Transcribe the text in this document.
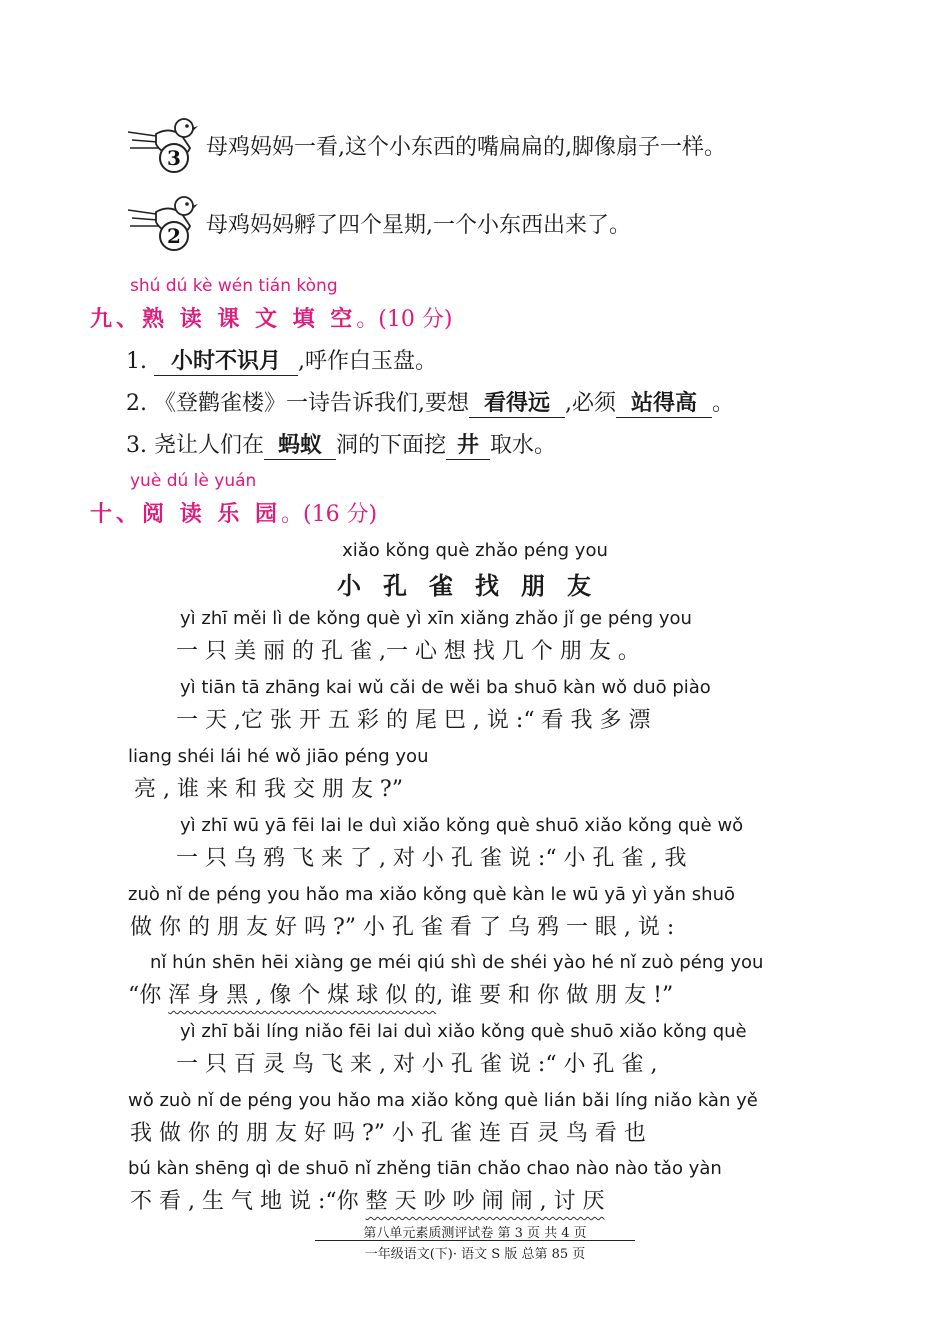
3 母鸡妈妈一看,这个小东西的嘴扁扁的,脚像扇子一样。
2 母鸡妈妈孵了四个星期,一个小东西出来了。
shú dú kè wén tián kòng
九、熟 读 课 文 填 空。(10 分)
1. 小时不识月 ,呼作白玉盘。
2. 《登鹳雀楼》一诗告诉我们,要想 看得远 ,必须 站得高 。
3. 尧让人们在 蚂蚁 洞的下面挖 井 取水。
yuè dú lè yuán
十、阅 读 乐 园。(16 分)
xiǎo kǒng què zhǎo péng you
小孔雀找朋友
yì zhī měi lì de kǒng què yì xīn xiǎng zhǎo jǐ ge péng you
一 只 美 丽 的 孔 雀 ,一 心 想 找 几 个 朋 友 。
yì tiān tā zhāng kai wǔ cǎi de wěi ba shuō kàn wǒ duō piào
一 天 ,它 张 开 五 彩 的 尾 巴 , 说 :“ 看 我 多 漂
liang shéi lái hé wǒ jiāo péng you
亮 , 谁 来 和 我 交 朋 友 ?”
yì zhī wū yā fēi lai le duì xiǎo kǒng què shuō xiǎo kǒng què wǒ
一 只 乌 鸦 飞 来 了 , 对 小 孔 雀 说 :“ 小 孔 雀 , 我
zuò nǐ de péng you hǎo ma xiǎo kǒng què kàn le wū yā yì yǎn shuō
做 你 的 朋 友 好 吗 ?” 小 孔 雀 看 了 乌 鸦 一 眼 , 说 :
nǐ hún shēn hēi xiàng ge méi qiú shì de shéi yào hé nǐ zuò péng you
“你 浑 身 黑 , 像 个 煤 球 似 的, 谁 要 和 你 做 朋 友 !”
yì zhī bǎi líng niǎo fēi lai duì xiǎo kǒng què shuō xiǎo kǒng què
一 只 百 灵 鸟 飞 来 , 对 小 孔 雀 说 :“ 小 孔 雀 ,
wǒ zuò nǐ de péng you hǎo ma xiǎo kǒng què lián bǎi líng niǎo kàn yě
我 做 你 的 朋 友 好 吗 ?” 小 孔 雀 连 百 灵 鸟 看 也
bú kàn shēng qì de shuō nǐ zhěng tiān chǎo chao nào nào tǎo yàn
不 看 , 生 气 地 说 :“你 整 天 吵 吵 闹 闹 , 讨 厌
第八单元素质测评试卷 第 3 页 共 4 页
一年级语文(下)· 语文 S 版 总第 85 页
